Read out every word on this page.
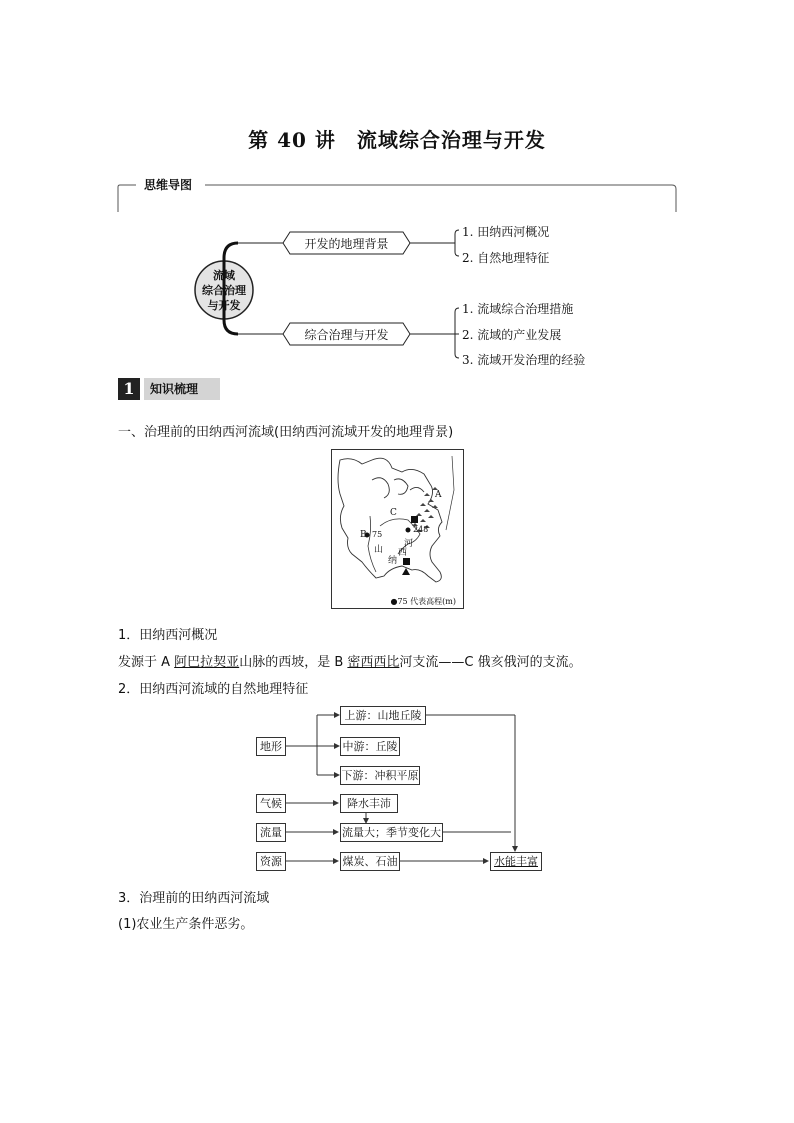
第 40 讲　流域综合治理与开发
思维导图
流域
综合治理
与开发
开发的地理背景
综合治理与开发
1. 田纳西河概况
2. 自然地理特征
1. 流域综合治理措施
2. 流域的产业发展
3. 流域开发治理的经验
1	知识梳理
一、治理前的田纳西河流域(田纳西河流域开发的地理背景)
A
C
B
248
75
河
西
山
纳
●75 代表高程(m)
1．田纳西河概况
发源于 A 阿巴拉契亚山脉的西坡，是 B 密西西比河支流——C 俄亥俄河的支流。
2．田纳西河流域的自然地理特征
地形
上游：山地丘陵
中游：丘陵
下游：冲积平原
气候	降水丰沛
流量	流量大；季节变化大
资源	煤炭、石油	水能丰富
3．治理前的田纳西河流域
(1)农业生产条件恶劣。
